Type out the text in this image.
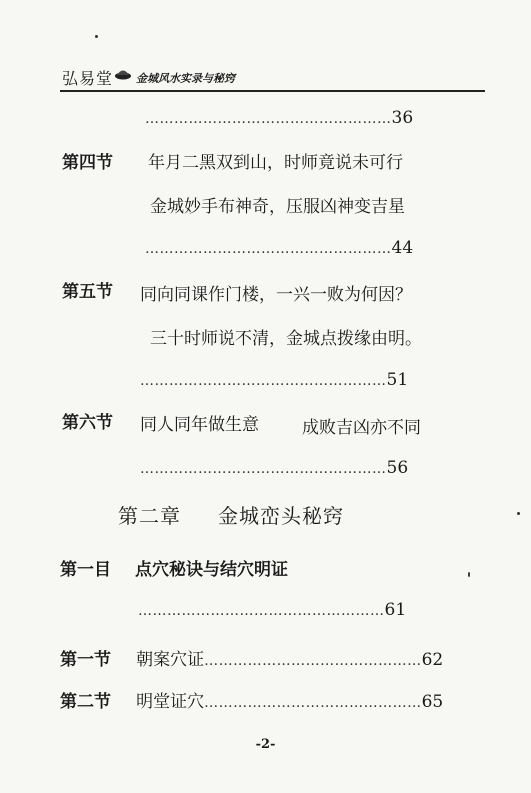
弘易堂 金城风水实录与秘窍
……………………………………………36
第四节 年月二黑双到山，时师竟说未可行
金城妙手布神奇，压服凶神变吉星
……………………………………………44
第五节 同向同课作门楼，一兴一败为何因？
三十时师说不清，金城点拨缘由明。
……………………………………………51
第六节 同人同年做生意	成败吉凶亦不同
……………………………………………56
第二章 金城峦头秘窍
第一目 点穴秘诀与结穴明证
……………………………………………61
第一节 朝案穴证………………………………………62
第二节 明堂证穴………………………………………65
-2-
